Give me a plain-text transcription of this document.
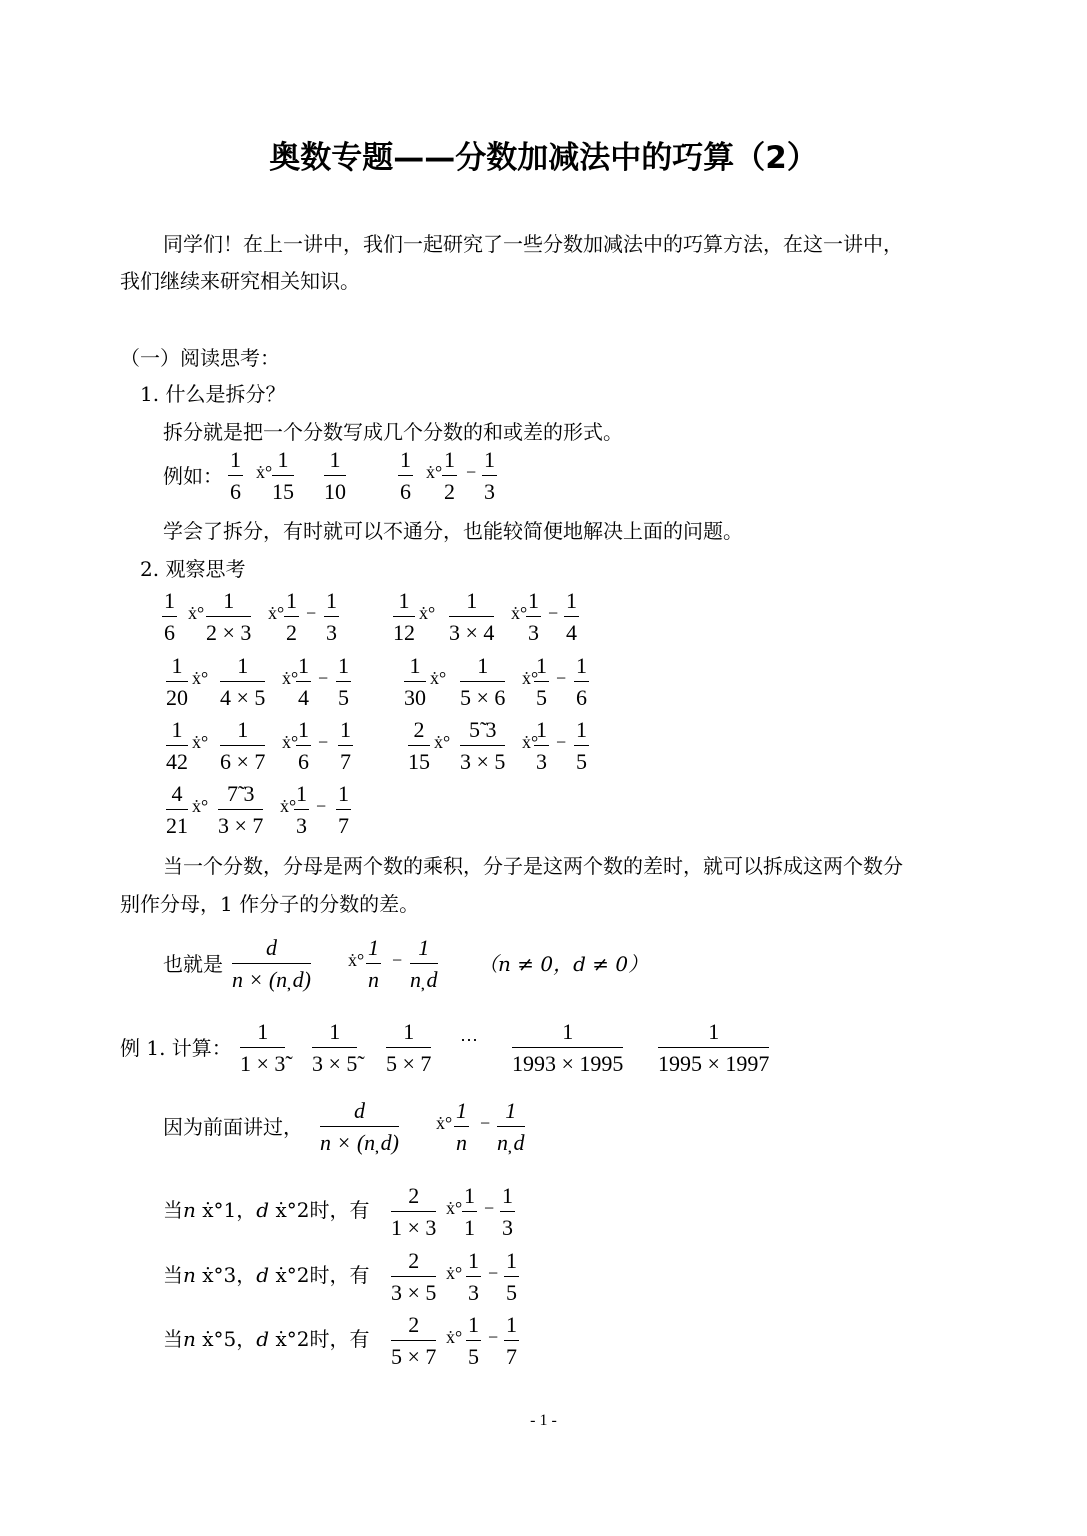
奥数专题——分数加减法中的巧算（2）
同学们！在上一讲中，我们一起研究了一些分数加减法中的巧算方法，在这一讲中，
我们继续来研究相关知识。
（一）阅读思考：
1. 什么是拆分？
拆分就是把一个分数写成几个分数的和或差的形式。
例如：
学会了拆分，有时就可以不通分，也能较简便地解决上面的问题。
2. 观察思考
当一个分数，分母是两个数的乘积，分子是这两个数的差时，就可以拆成这两个数分
别作分母，1 作分子的分数的差。
也就是	（n ≠ 0，d ≠ 0）
例 1. 计算：
因为前面讲过，
当n ẋ°1，d ẋ°2时，有
当n ẋ°3，d ẋ°2时，有
当n ẋ°5，d ẋ°2时，有
- 1 -
1
6
ẋ° 1
15
1
10
1
6
ẋ° 1
2
− 1
3
1
6
ẋ° 1
2 × 3
ẋ° 1
2
− 1
3
1
12
ẋ° 1
3 × 4
ẋ° 1
3
− 1
4
1
20
ẋ° 1
4 × 5
ẋ° 1
4
− 1
5
1
30
ẋ° 1
5 × 6
ẋ°
1
5
− 1
6
1
42
ẋ° 1
6 × 7
ẋ° 1
6
− 1
7
2
15
ẋ° 5̃ 3
3 × 5
ẋ°
1
3
− 1
5
4
21
ẋ° 7̃ 3
3 × 7
ẋ° 1
3
− 1
7
d
n × (n̦ d)
ẋ° 1
n
− 1
n̦ d
1
1 × 3̃
1
3 × 5̃
1
5 × 7
⋯	1
1993 × 1995
1
1995 × 1997
d
n × (n̦ d)
ẋ° 1
n
− 1
n̦ d
2
1 × 3
ẋ° 1
1
− 1
3
2
3 × 5
ẋ° 1
3
− 1
5
2
5 × 7
ẋ° 1
5
− 1
7
